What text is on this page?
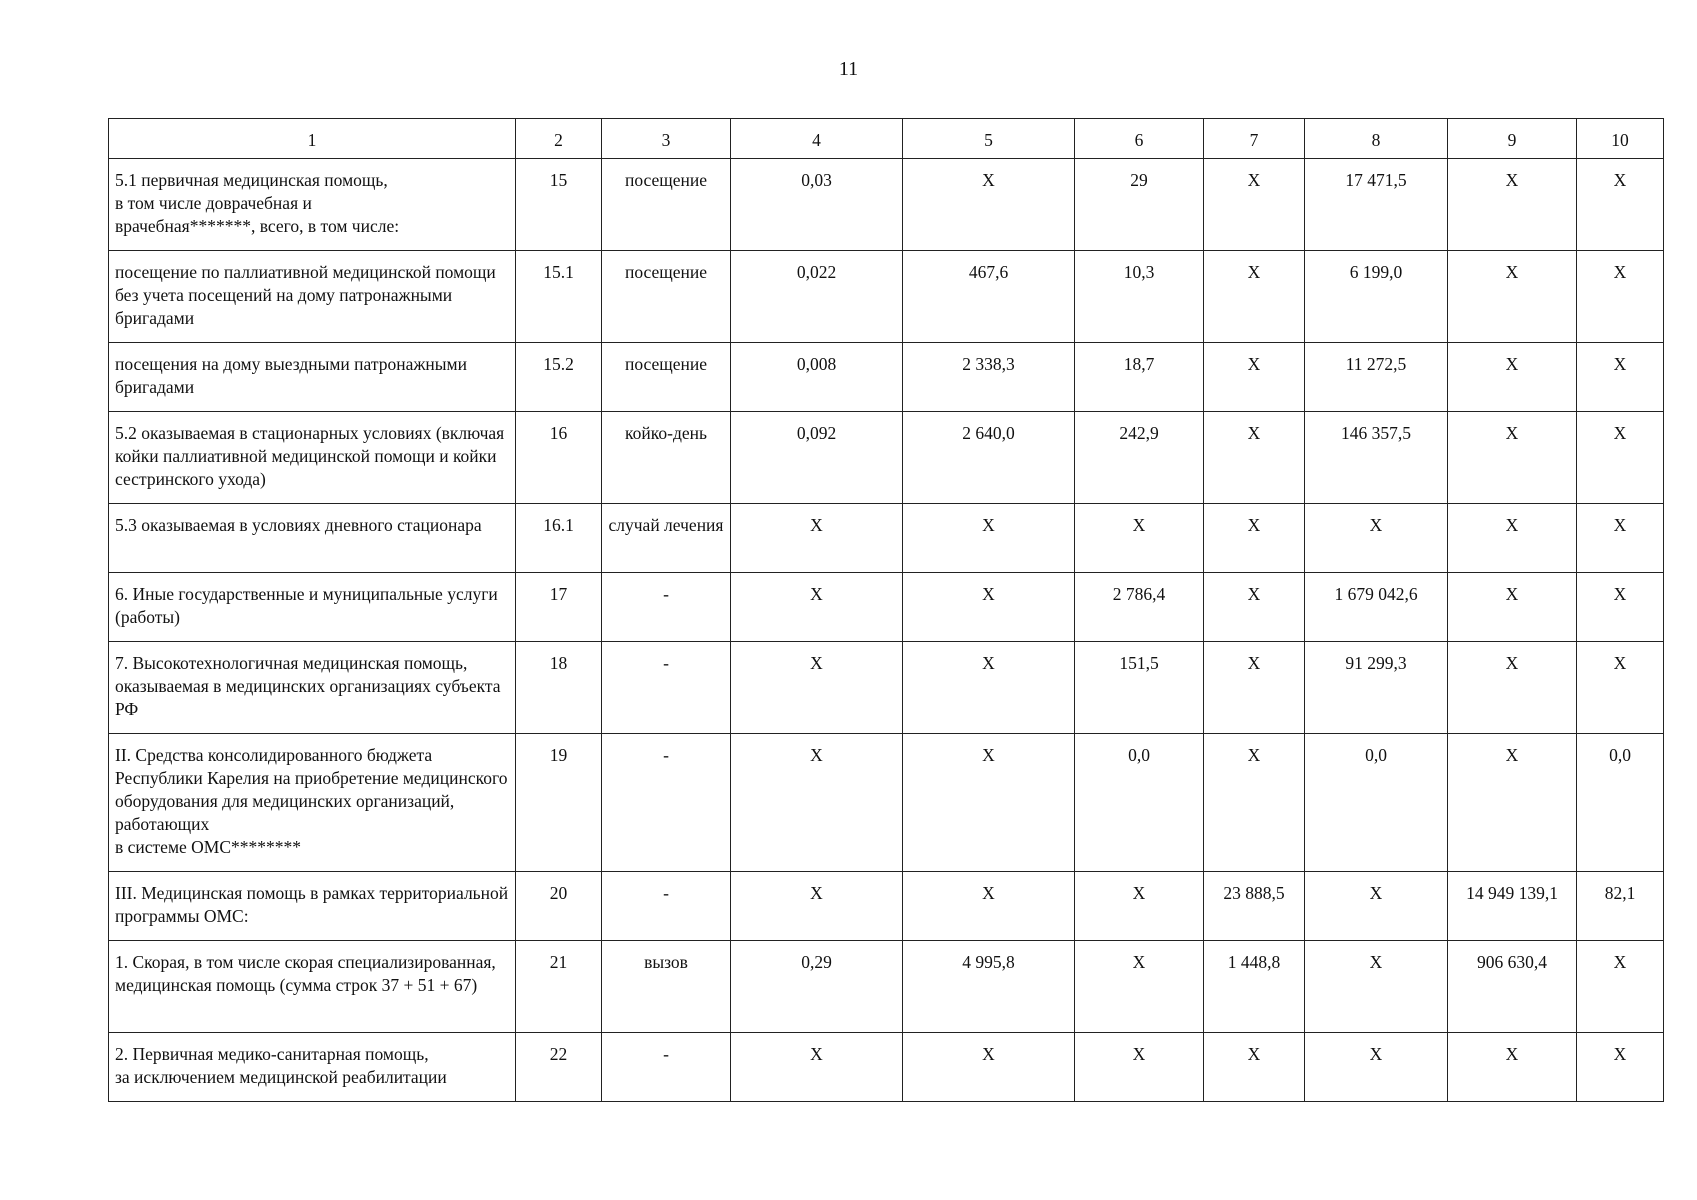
11
1	2	3	4	5	6	7	8	9	10
5.1 первичная медицинская помощь,
в том числе доврачебная и
врачебная*******, всего, в том числе:	15	посещение	0,03	Х	29	Х	17 471,5	Х	Х
посещение по паллиативной медицинской помощи без учета посещений на дому патронажными бригадами	15.1	посещение	0,022	467,6	10,3	Х	6 199,0	Х	Х
посещения на дому выездными патронажными бригадами	15.2	посещение	0,008	2 338,3	18,7	Х	11 272,5	Х	Х
5.2 оказываемая в стационарных условиях (включая койки паллиативной медицинской помощи и койки сестринского ухода)	16	койко-день	0,092	2 640,0	242,9	Х	146 357,5	Х	Х
5.3 оказываемая в условиях дневного стационара	16.1	случай лечения	Х	Х	Х	Х	Х	Х	Х
6. Иные государственные и муниципальные услуги (работы)	17	-	Х	Х	2 786,4	Х	1 679 042,6	Х	Х
7. Высокотехнологичная медицинская помощь, оказываемая в медицинских организациях субъекта РФ	18	-	Х	Х	151,5	Х	91 299,3	Х	Х
II. Средства консолидированного бюджета Республики Карелия на приобретение медицинского оборудования для медицинских организаций, работающих
в системе ОМС********	19	-	Х	Х	0,0	Х	0,0	Х	0,0
III. Медицинская помощь в рамках территориальной программы ОМС:	20	-	Х	Х	Х	23 888,5	Х	14 949 139,1	82,1
1. Скорая, в том числе скорая специализированная, медицинская помощь (сумма строк 37 + 51 + 67)	21	вызов	0,29	4 995,8	Х	1 448,8	Х	906 630,4	Х
2. Первичная медико-санитарная помощь,
за исключением медицинской реабилитации	22	-	Х	Х	Х	Х	Х	Х	Х
